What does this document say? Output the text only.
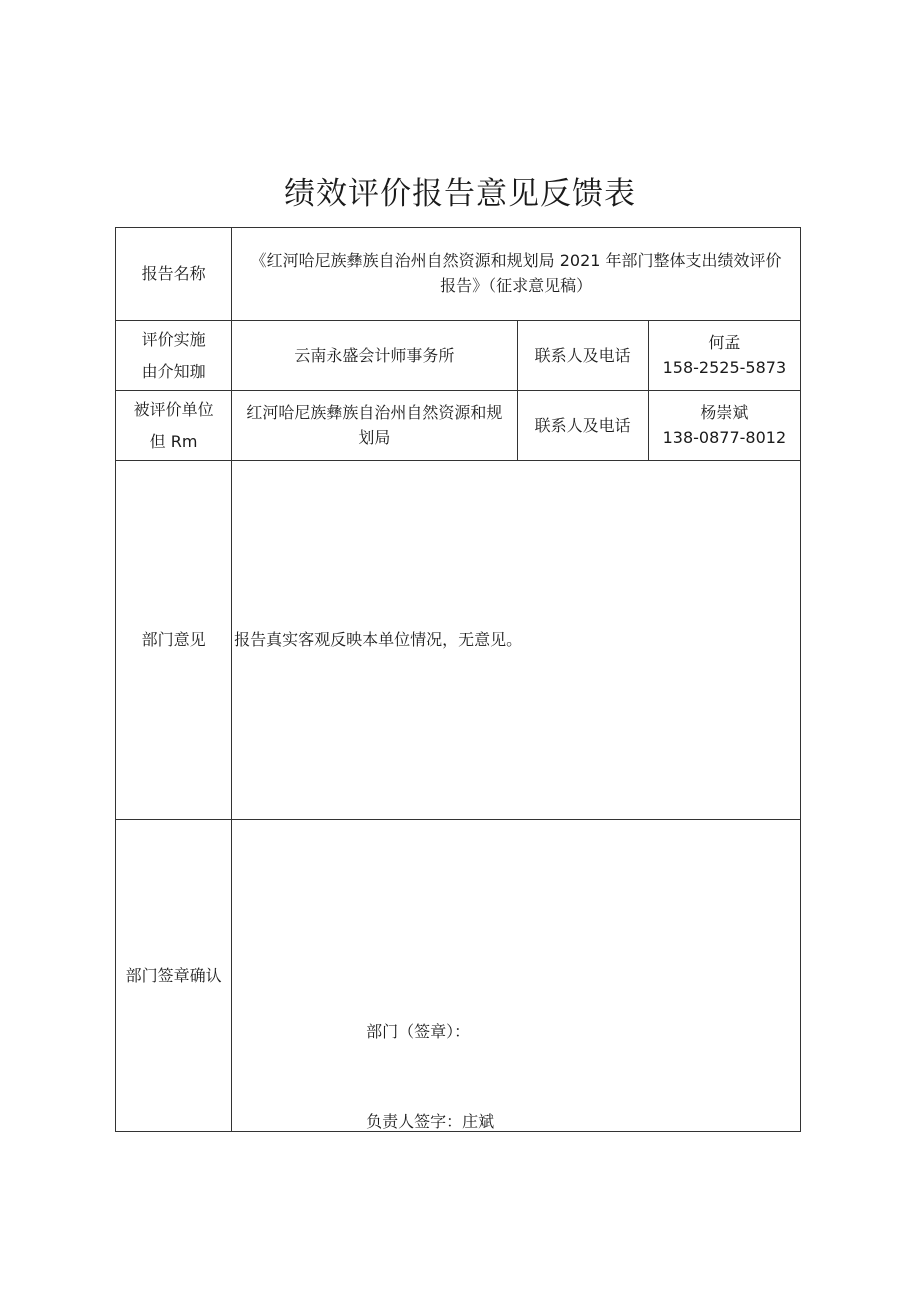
绩效评价报告意见反馈表
报告名称	《红河哈尼族彝族自治州自然资源和规划局 2021 年部门整体支出绩效评价
报告》（征求意见稿）		

评价实施
由介知珈	云南永盛会计师事务所	联系人及电话	何孟
158-2525-5873

被评价单位
但 Rm	红河哈尼族彝族自治州自然资源和规
划局	联系人及电话	杨崇斌
138-0877-8012

部门意见	报告真实客观反映本单位情况，无意见。		
部门签章确认	部门（签章）：
负责人签字：庄斌		
